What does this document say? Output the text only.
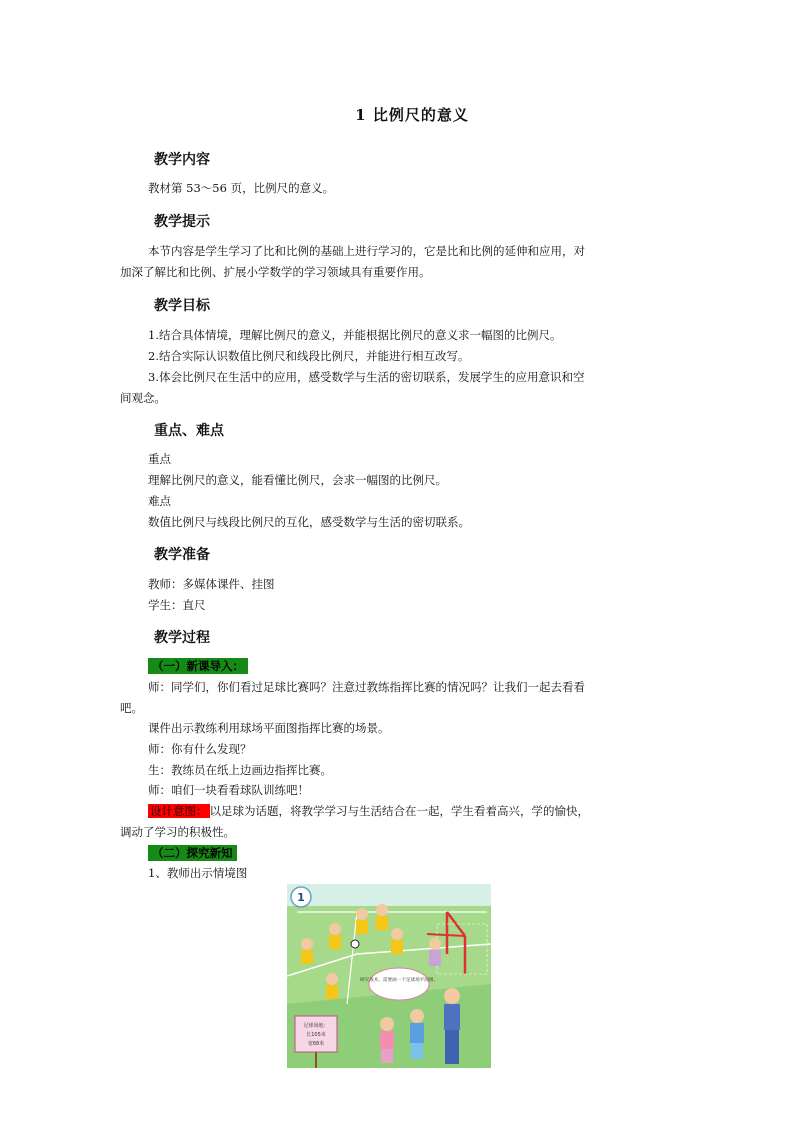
1 比例尺的意义
教学内容
教材第 53～56 页，比例尺的意义。
教学提示
本节内容是学生学习了比和比例的基础上进行学习的，它是比和比例的延伸和应用，对
加深了解比和比例、扩展小学数学的学习领域具有重要作用。
教学目标
1.结合具体情境，理解比例尺的意义，并能根据比例尺的意义求一幅图的比例尺。
2.结合实际认识数值比例尺和线段比例尺，并能进行相互改写。
3.体会比例尺在生活中的应用，感受数学与生活的密切联系，发展学生的应用意识和空
间观念。
重点、难点
重点
理解比例尺的意义，能看懂比例尺，会求一幅图的比例尺。
难点
数值比例尺与线段比例尺的互化，感受数学与生活的密切联系。
教学准备
教师：多媒体课件、挂图
学生：直尺
教学过程
（一）新课导入：
师：同学们，你们看过足球比赛吗？注意过教练指挥比赛的情况吗？让我们一起去看看
吧。
课件出示教练利用球场平面图指挥比赛的场景。
师：你有什么发现？
生：教练员在纸上边画边指挥比赛。
师：咱们一块看看球队训练吧！
设计意图： 以足球为话题，将教学学习与生活结合在一起，学生看着高兴，学的愉快，
调动了学习的积极性。
（二）探究新知
1、教师出示情境图
研究战术，需要画一个足球场平面图。
足球场地：
长105米
宽68米
1
